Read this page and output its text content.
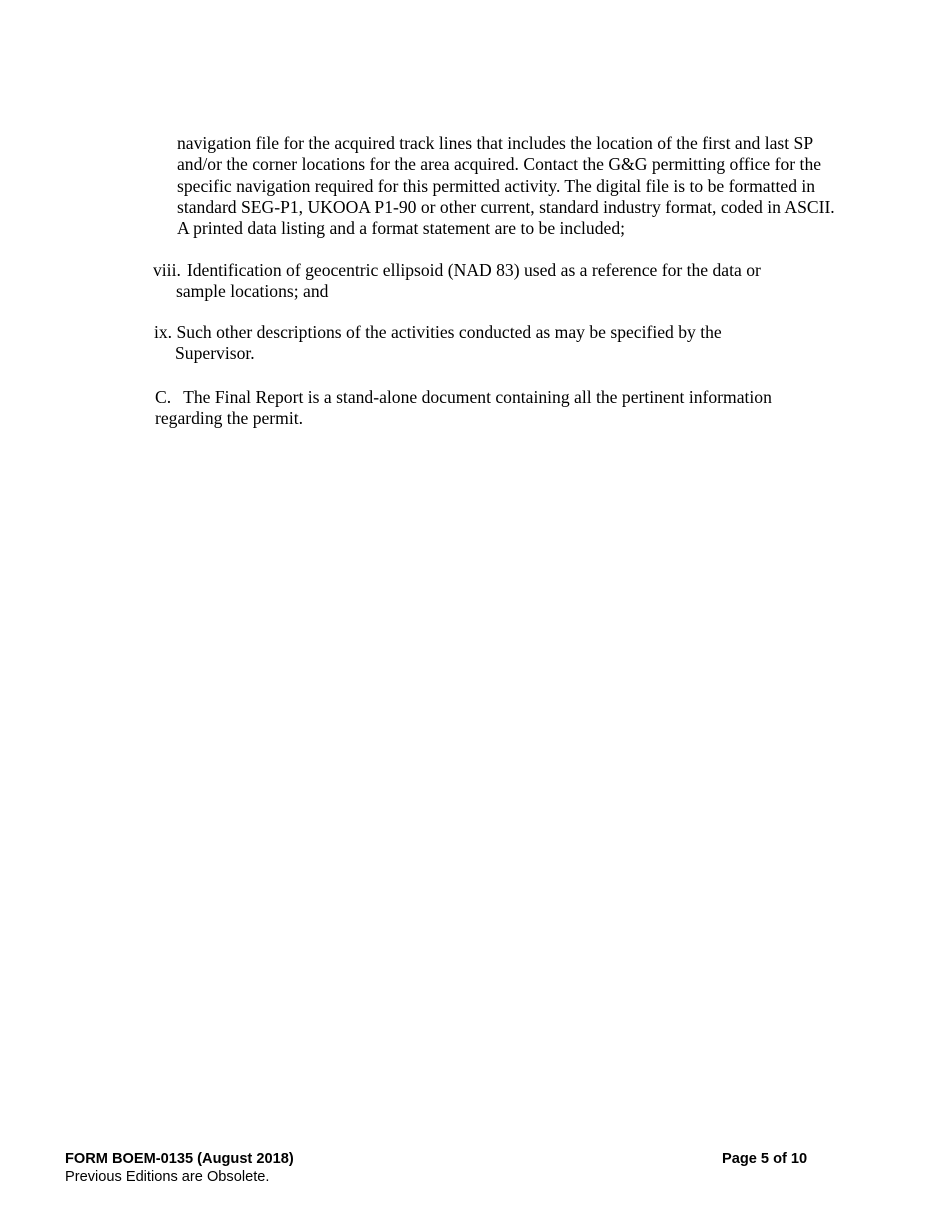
navigation file for the acquired track lines that includes the location of the first and last SP
and/or the corner locations for the area acquired. Contact the G&G permitting office for the
specific navigation required for this permitted activity. The digital file is to be formatted in
standard SEG-P1, UKOOA P1-90 or other current, standard industry format, coded in ASCII.
A printed data listing and a format statement are to be included;
viii. Identification of geocentric ellipsoid (NAD 83) used as a reference for the data or
sample locations; and
ix. Such other descriptions of the activities conducted as may be specified by the
Supervisor.
C. The Final Report is a stand-alone document containing all the pertinent information
regarding the permit.
FORM BOEM-0135 (August 2018)
Previous Editions are Obsolete.
Page 5 of 10
